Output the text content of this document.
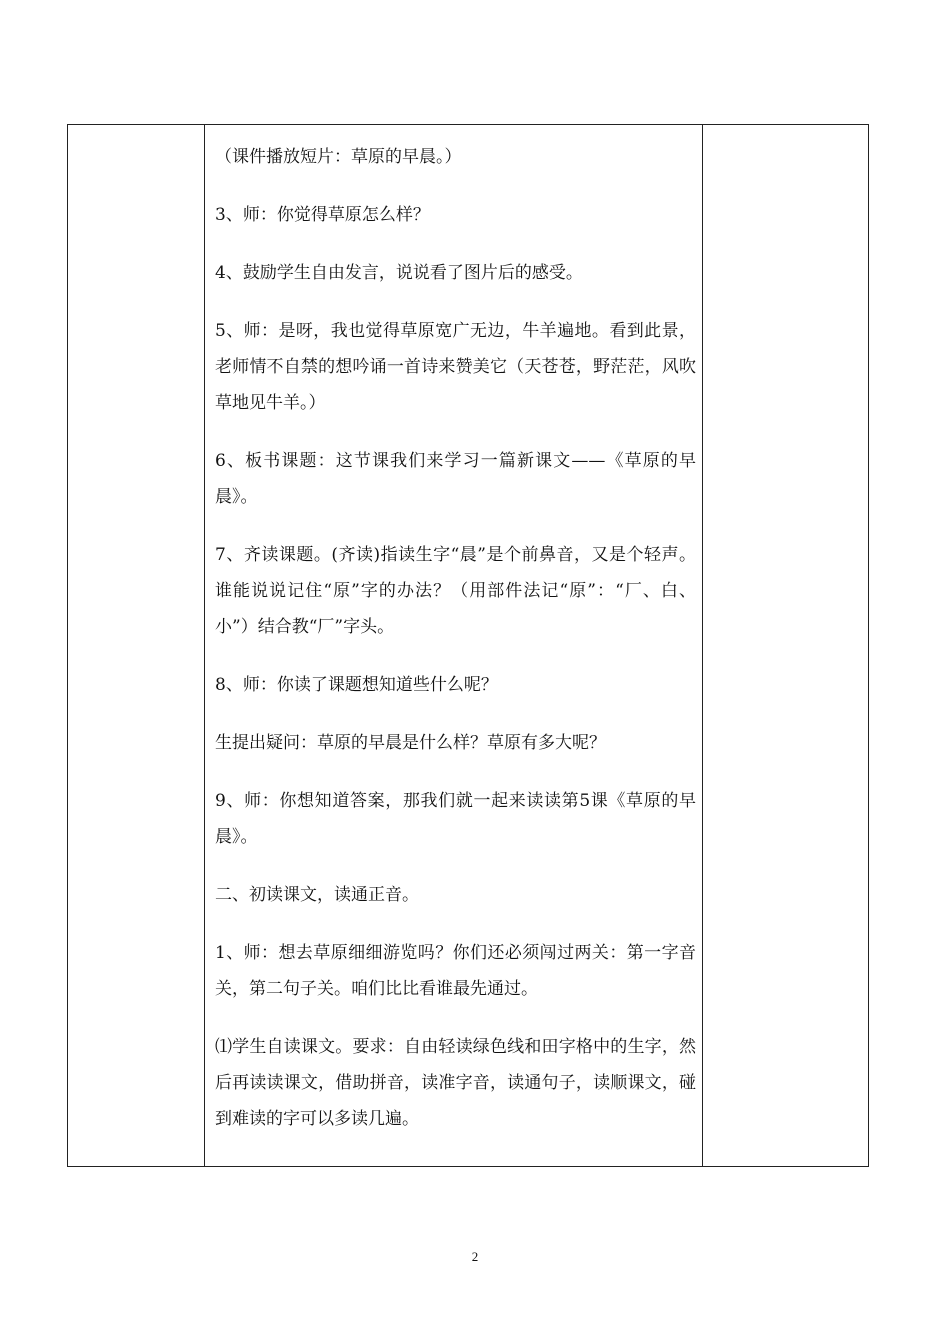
（课件播放短片：草原的早晨。）

3、师：你觉得草原怎么样？

4、鼓励学生自由发言，说说看了图片后的感受。

5、师：是呀，我也觉得草原宽广无边，牛羊遍地。看到此景，老师情不自禁的想吟诵一首诗来赞美它（天苍苍，野茫茫，风吹草地见牛羊。）

6、板书课题：这节课我们来学习一篇新课文——《草原的早晨》。

7、齐读课题。(齐读)指读生字“晨”是个前鼻音，又是个轻声。谁能说说记住“原”字的办法？（用部件法记“原”：“厂、白、小”）结合教“厂”字头。

8、师：你读了课题想知道些什么呢？

生提出疑问：草原的早晨是什么样？草原有多大呢？

9、师：你想知道答案，那我们就一起来读读第5课《草原的早晨》。

二、初读课文，读通正音。

1、师：想去草原细细游览吗？你们还必须闯过两关：第一字音关，第二句子关。咱们比比看谁最先通过。

⑴学生自读课文。要求：自由轻读绿色线和田字格中的生字，然后再读读课文，借助拼音，读准字音，读通句子，读顺课文，碰到难读的字可以多读几遍。

2
